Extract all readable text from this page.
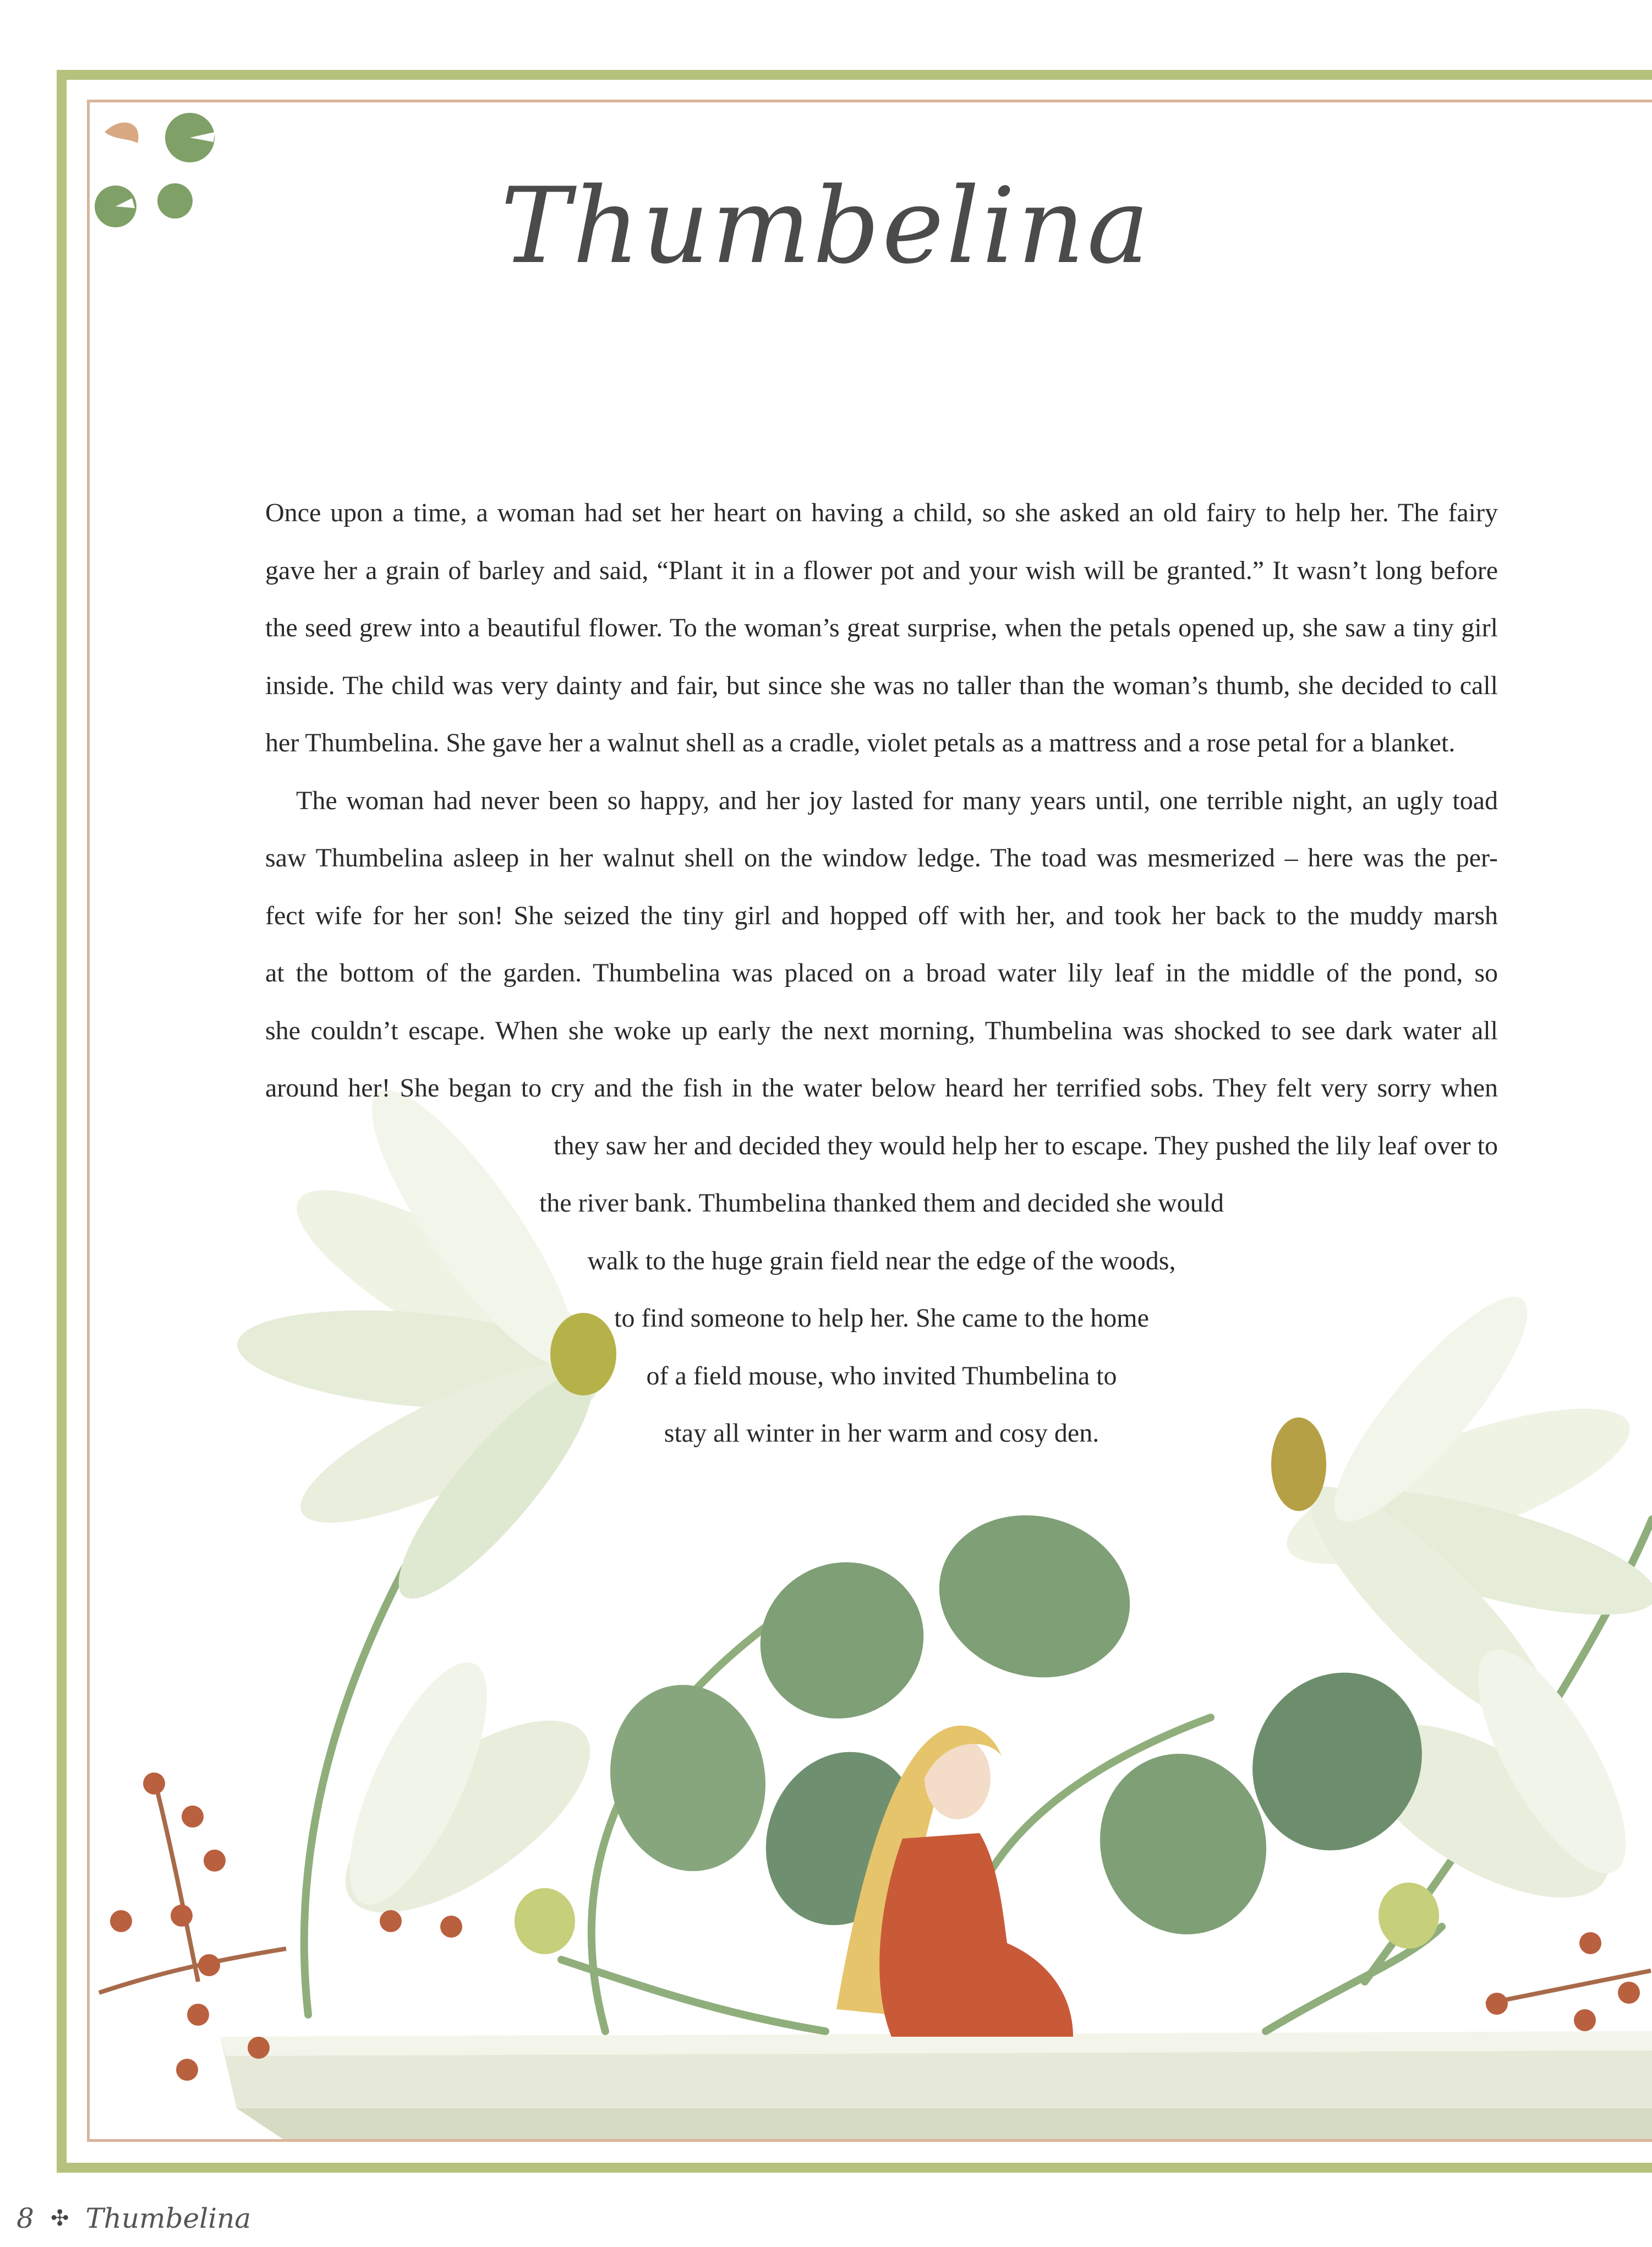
Thumbelina
Once upon a time, a woman had set her heart on having a child, so she asked an old fairy to help her. The fairy
gave her a grain of barley and said, “Plant it in a flower pot and your wish will be granted.” It wasn’t long before
the seed grew into a beautiful flower. To the woman’s great surprise, when the petals opened up, she saw a tiny girl
inside. The child was very dainty and fair, but since she was no taller than the woman’s thumb, she decided to call
her Thumbelina. She gave her a walnut shell as a cradle, violet petals as a mattress and a rose petal for a blanket.
The woman had never been so happy, and her joy lasted for many years until, one terrible night, an ugly toad
saw Thumbelina asleep in her walnut shell on the window ledge. The toad was mesmerized – here was the per-
fect wife for her son! She seized the tiny girl and hopped off with her, and took her back to the muddy marsh
at the bottom of the garden. Thumbelina was placed on a broad water lily leaf in the middle of the pond, so
she couldn’t escape. When she woke up early the next morning, Thumbelina was shocked to see dark water all
around her! She began to cry and the fish in the water below heard her terrified sobs. They felt very sorry when
they saw her and decided they would help her to escape. They pushed the lily leaf over to
the river bank. Thumbelina thanked them and decided she would
walk to the huge grain field near the edge of the woods,
to find someone to help her. She came to the home
of a field mouse, who invited Thumbelina to
stay all winter in her warm and cosy den.
8 ✣ Thumbelina
